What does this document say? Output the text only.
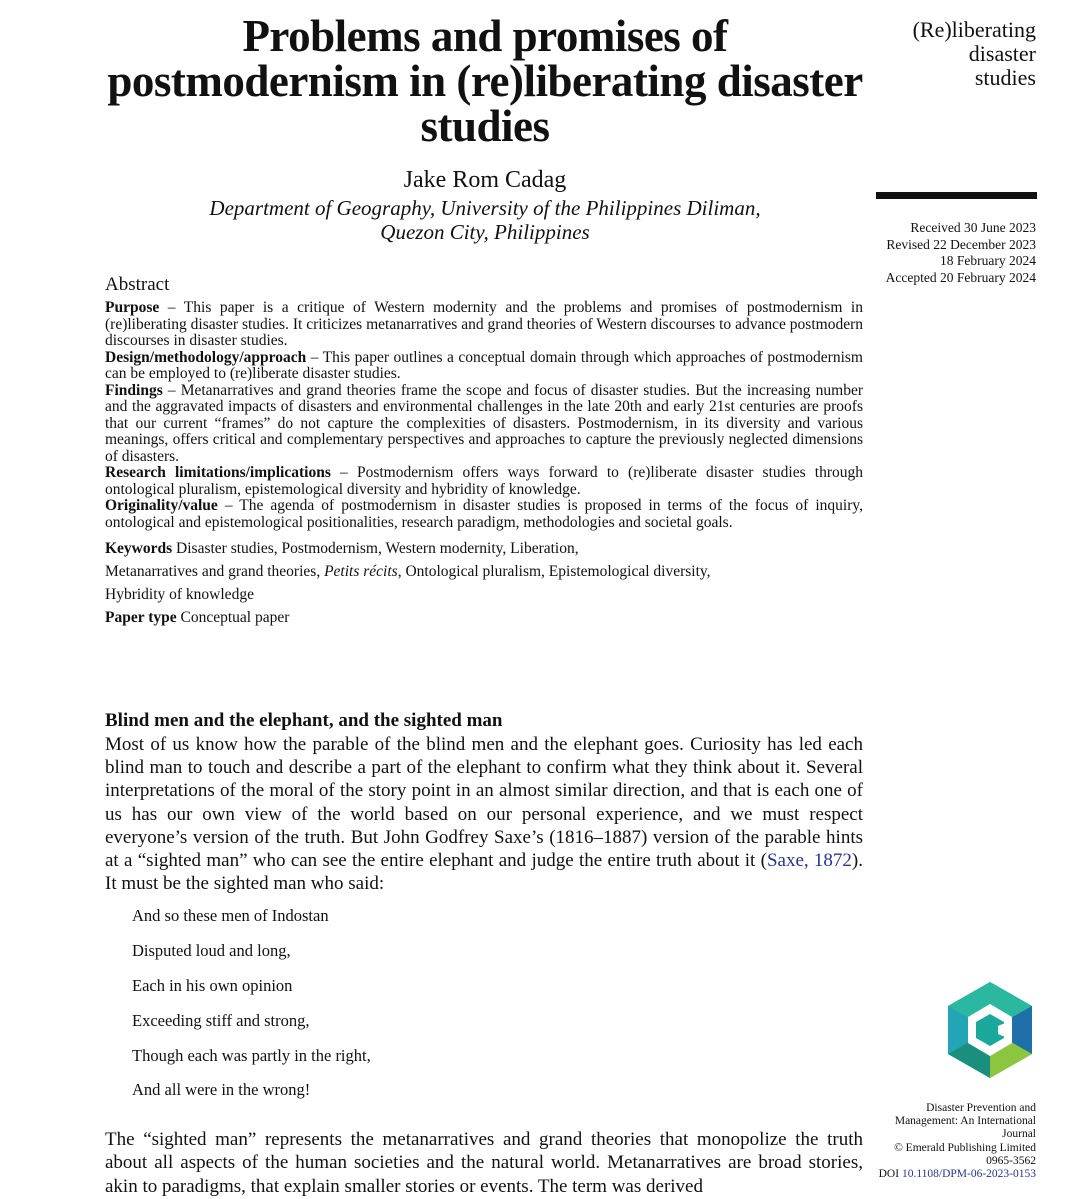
Problems and promises of postmodernism in (re)liberating disaster studies
Jake Rom Cadag
Department of Geography, University of the Philippines Diliman,
Quezon City, Philippines
(Re)liberating
disaster
studies
Received 30 June 2023
Revised 22 December 2023
18 February 2024
Accepted 20 February 2024
Abstract

Purpose – This paper is a critique of Western modernity and the problems and promises of postmodernism in (re)liberating disaster studies. It criticizes metanarratives and grand theories of Western discourses to advance postmodern discourses in disaster studies.

Design/methodology/approach – This paper outlines a conceptual domain through which approaches of postmodernism can be employed to (re)liberate disaster studies.

Findings – Metanarratives and grand theories frame the scope and focus of disaster studies. But the increasing number and the aggravated impacts of disasters and environmental challenges in the late 20th and early 21st centuries are proofs that our current “frames” do not capture the complexities of disasters. Postmodernism, in its diversity and various meanings, offers critical and complementary perspectives and approaches to capture the previously neglected dimensions of disasters.

Research limitations/implications – Postmodernism offers ways forward to (re)liberate disaster studies through ontological pluralism, epistemological diversity and hybridity of knowledge.

Originality/value – The agenda of postmodernism in disaster studies is proposed in terms of the focus of inquiry, ontological and epistemological positionalities, research paradigm, methodologies and societal goals.

Keywords Disaster studies, Postmodernism, Western modernity, Liberation,
Metanarratives and grand theories, Petits récits, Ontological pluralism, Epistemological diversity,
Hybridity of knowledge
Paper type Conceptual paper
Blind men and the elephant, and the sighted man

Most of us know how the parable of the blind men and the elephant goes. Curiosity has led each blind man to touch and describe a part of the elephant to confirm what they think about it. Several interpretations of the moral of the story point in an almost similar direction, and that is each one of us has our own view of the world based on our personal experience, and we must respect everyone’s version of the truth. But John Godfrey Saxe’s (1816–1887) version of the parable hints at a “sighted man” who can see the entire elephant and judge the entire truth about it (Saxe, 1872). It must be the sighted man who said:

And so these men of Indostan
Disputed loud and long,
Each in his own opinion
Exceeding stiff and strong,
Though each was partly in the right,
And all were in the wrong!

The “sighted man” represents the metanarratives and grand theories that monopolize the truth about all aspects of the human societies and the natural world. Metanarratives are broad stories, akin to paradigms, that explain smaller stories or events. The term was derived

Disaster Prevention and
Management: An International
Journal
© Emerald Publishing Limited
0965-3562
DOI 10.1108/DPM-06-2023-0153
